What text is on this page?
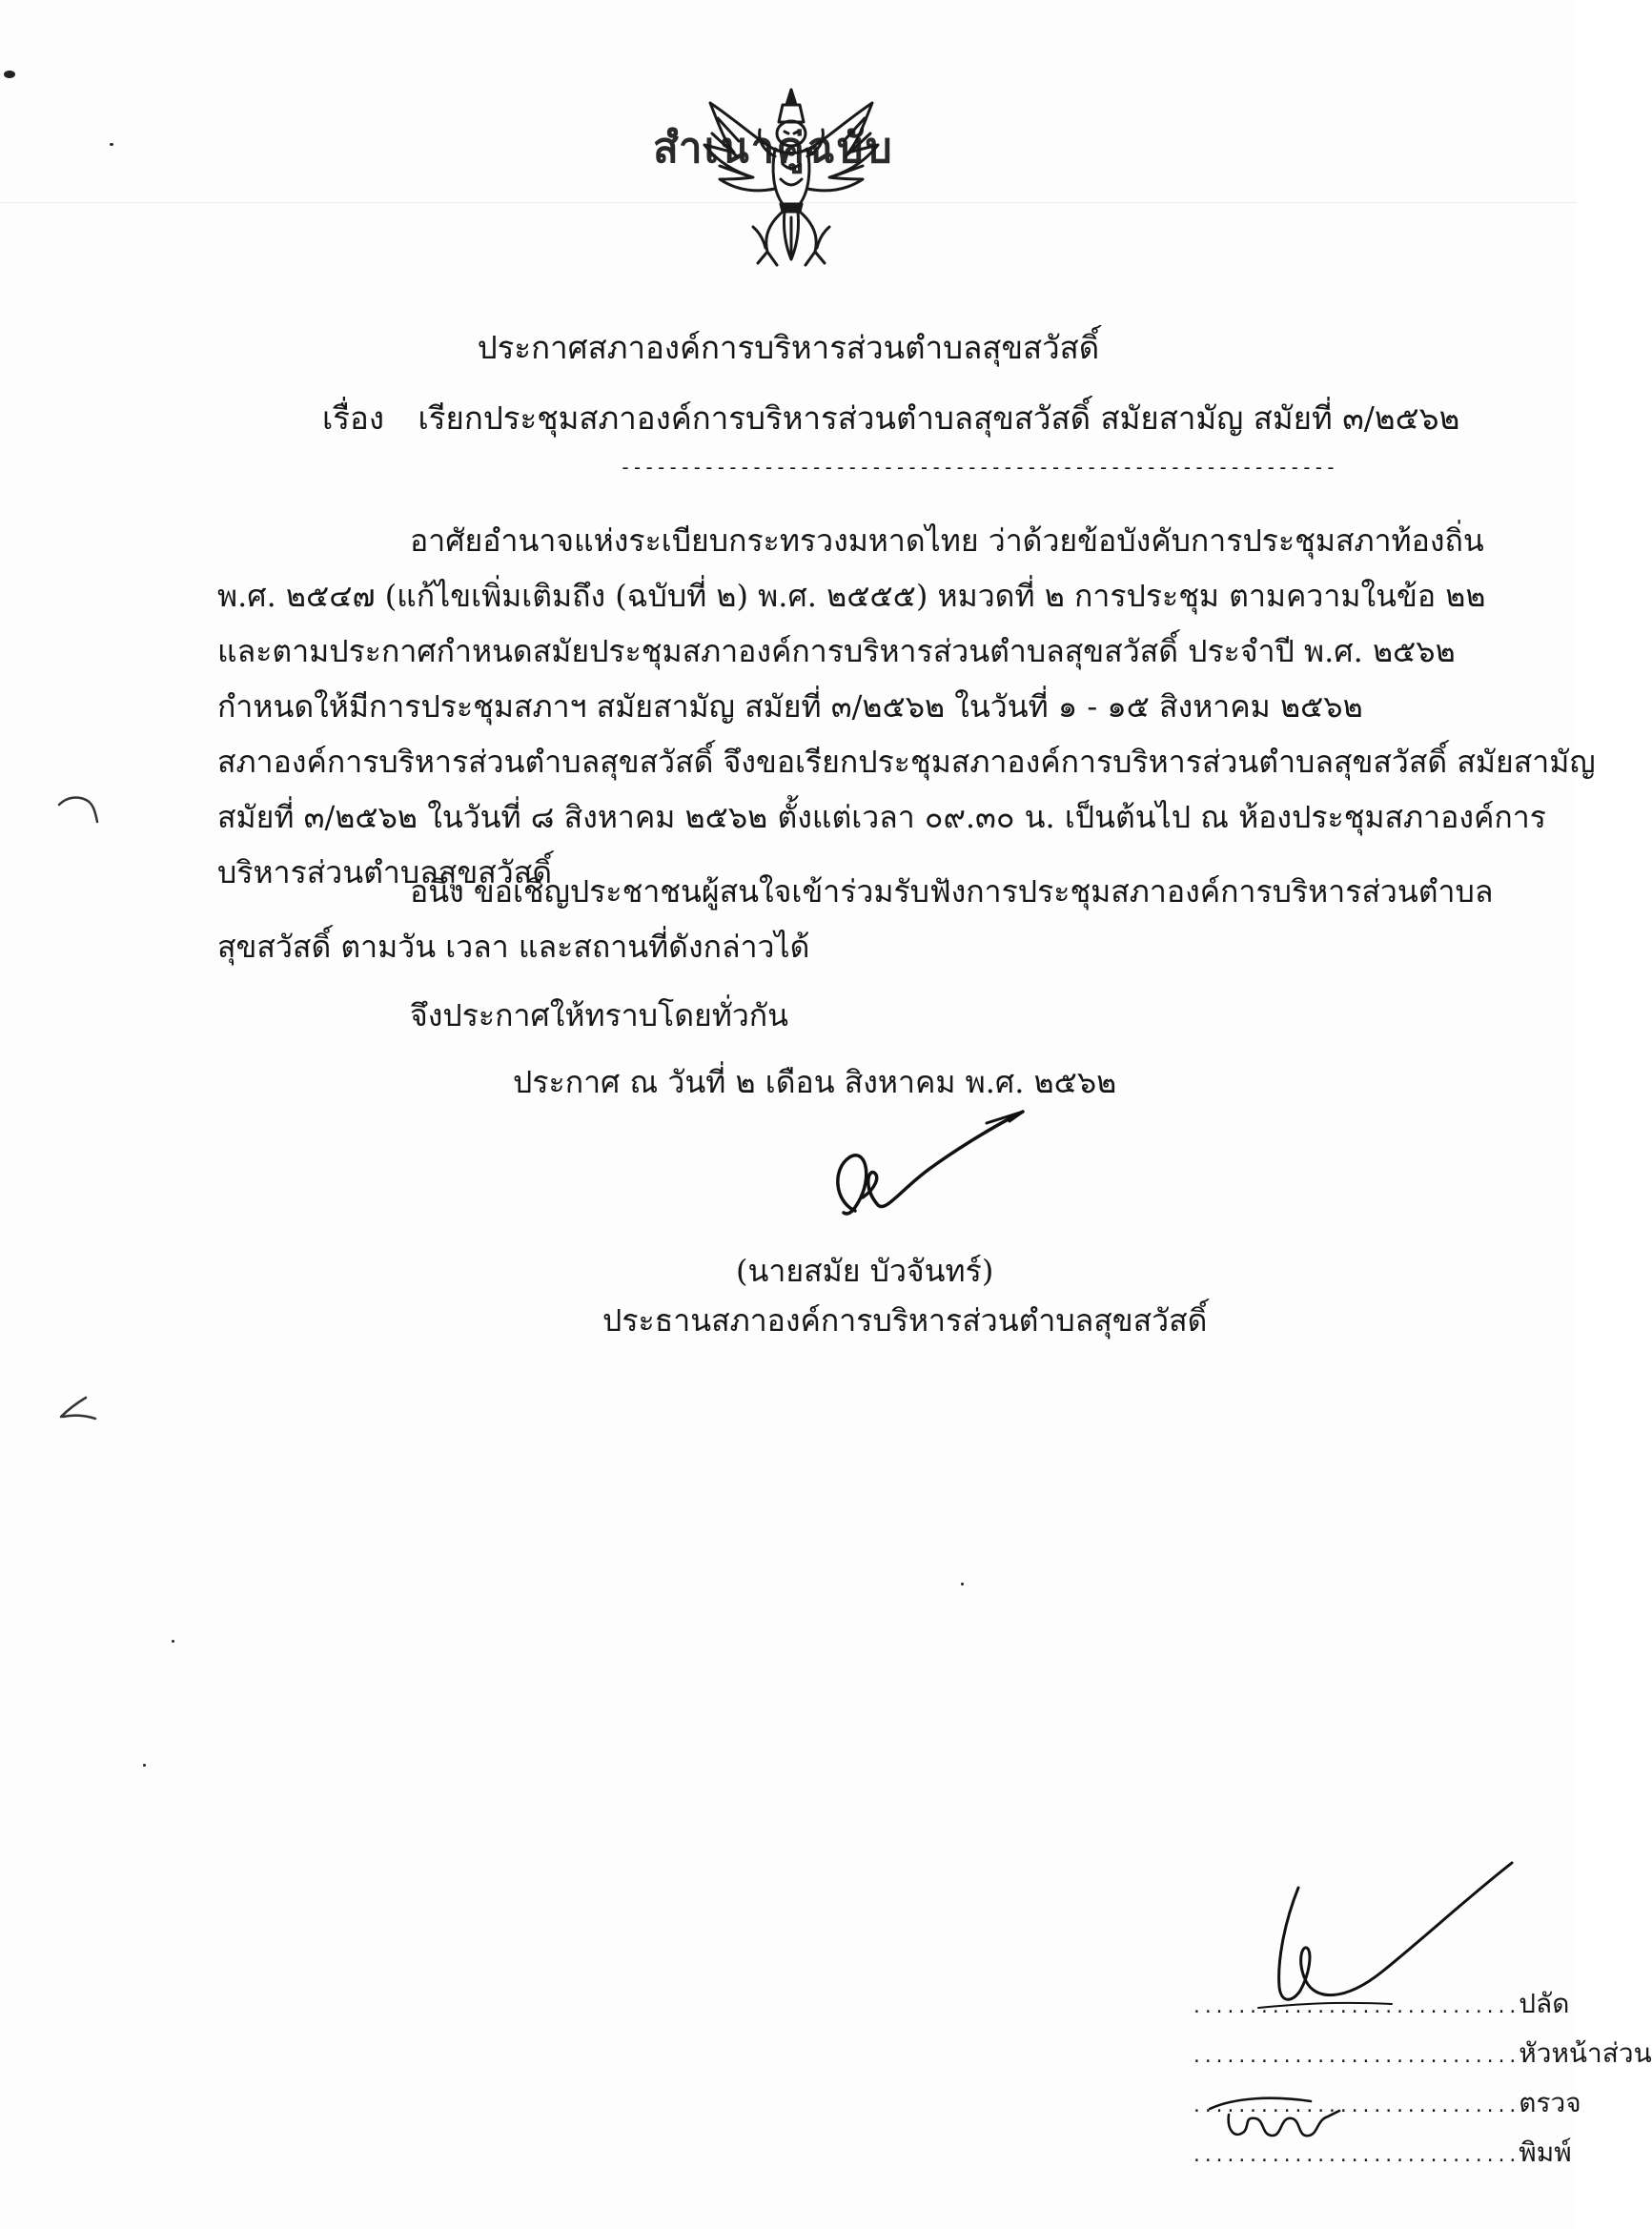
สำเนาคู่ฉบับ
ประกาศสภาองค์การบริหารส่วนตำบลสุขสวัสดิ์
เรื่อง เรียกประชุมสภาองค์การบริหารส่วนตำบลสุขสวัสดิ์ สมัยสามัญ สมัยที่ ๓/๒๕๖๒
------------------------------------------------------------
อาศัยอำนาจแห่งระเบียบกระทรวงมหาดไทย ว่าด้วยข้อบังคับการประชุมสภาท้องถิ่น
พ.ศ. ๒๕๔๗ (แก้ไขเพิ่มเติมถึง (ฉบับที่ ๒) พ.ศ. ๒๕๕๕) หมวดที่ ๒ การประชุม ตามความในข้อ ๒๒
และตามประกาศกำหนดสมัยประชุมสภาองค์การบริหารส่วนตำบลสุขสวัสดิ์ ประจำปี พ.ศ. ๒๕๖๒
กำหนดให้มีการประชุมสภาฯ สมัยสามัญ สมัยที่ ๓/๒๕๖๒ ในวันที่ ๑ - ๑๕ สิงหาคม ๒๕๖๒
สภาองค์การบริหารส่วนตำบลสุขสวัสดิ์ จึงขอเรียกประชุมสภาองค์การบริหารส่วนตำบลสุขสวัสดิ์ สมัยสามัญ
สมัยที่ ๓/๒๕๖๒ ในวันที่ ๘ สิงหาคม ๒๕๖๒ ตั้งแต่เวลา ๐๙.๓๐ น. เป็นต้นไป ณ ห้องประชุมสภาองค์การ
บริหารส่วนตำบลสุขสวัสดิ์
อนึ่ง ขอเชิญประชาชนผู้สนใจเข้าร่วมรับฟังการประชุมสภาองค์การบริหารส่วนตำบล
สุขสวัสดิ์ ตามวัน เวลา และสถานที่ดังกล่าวได้
จึงประกาศให้ทราบโดยทั่วกัน
ประกาศ ณ วันที่ ๒ เดือน สิงหาคม พ.ศ. ๒๕๖๒
(นายสมัย บัวจันทร์)
ประธานสภาองค์การบริหารส่วนตำบลสุขสวัสดิ์
.............................ปลัด
.............................หัวหน้าส่วน
.............................ตรวจ
.............................พิมพ์
